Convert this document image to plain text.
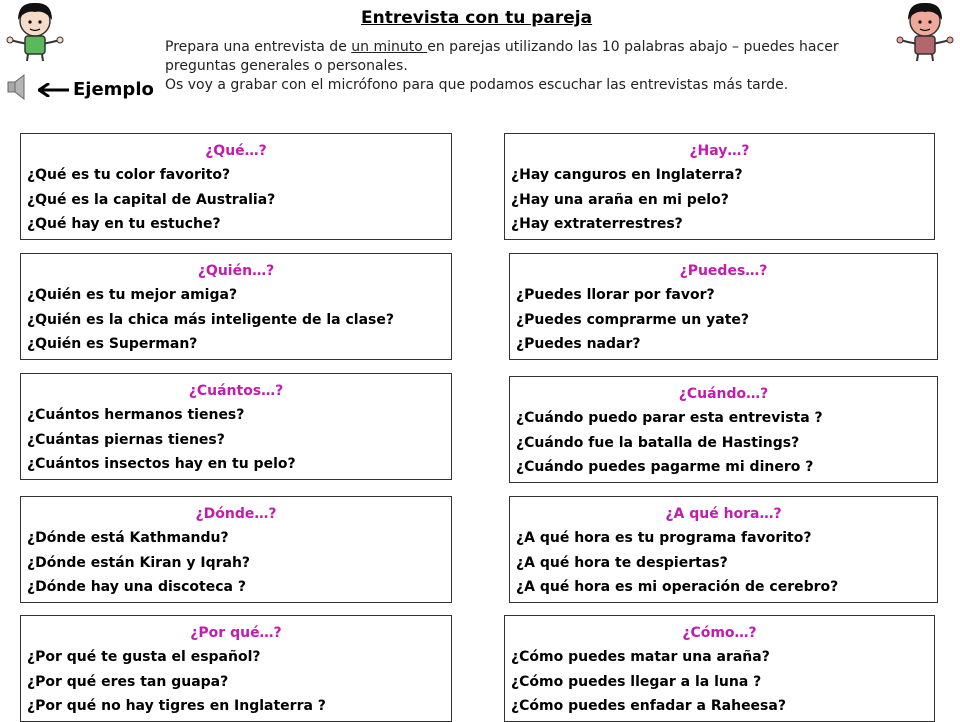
Entrevista con tu pareja
Prepara una entrevista de un minuto en parejas utilizando las 10 palabras abajo – puedes hacer preguntas generales o personales.
Os voy a grabar con el micrófono para que podamos escuchar las entrevistas más tarde.
Ejemplo
¿Qué…?
¿Qué es tu color favorito?
¿Qué es la capital de Australia?
¿Qué hay en tu estuche?
¿Hay…?
¿Hay canguros en Inglaterra?
¿Hay una araña en mi pelo?
¿Hay extraterrestres?
¿Quién…?
¿Quién es tu mejor amiga?
¿Quién es la chica más inteligente de la clase?
¿Quién es Superman?
¿Puedes…?
¿Puedes llorar por favor?
¿Puedes comprarme un yate?
¿Puedes nadar?
¿Cuántos…?
¿Cuántos hermanos tienes?
¿Cuántas piernas tienes?
¿Cuántos insectos hay en tu pelo?
¿Cuándo…?
¿Cuándo puedo parar esta entrevista ?
¿Cuándo fue la batalla de Hastings?
¿Cuándo puedes pagarme mi dinero ?
¿Dónde…?
¿Dónde está Kathmandu?
¿Dónde están Kiran y Iqrah?
¿Dónde hay una discoteca ?
¿A qué hora…?
¿A qué hora es tu programa favorito?
¿A qué hora te despiertas?
¿A qué hora es mi operación de cerebro?
¿Por qué…?
¿Por qué te gusta el español?
¿Por qué eres tan guapa?
¿Por qué no hay tigres en Inglaterra ?
¿Cómo…?
¿Cómo puedes matar una araña?
¿Cómo puedes llegar a la luna ?
¿Cómo puedes enfadar a Raheesa?
